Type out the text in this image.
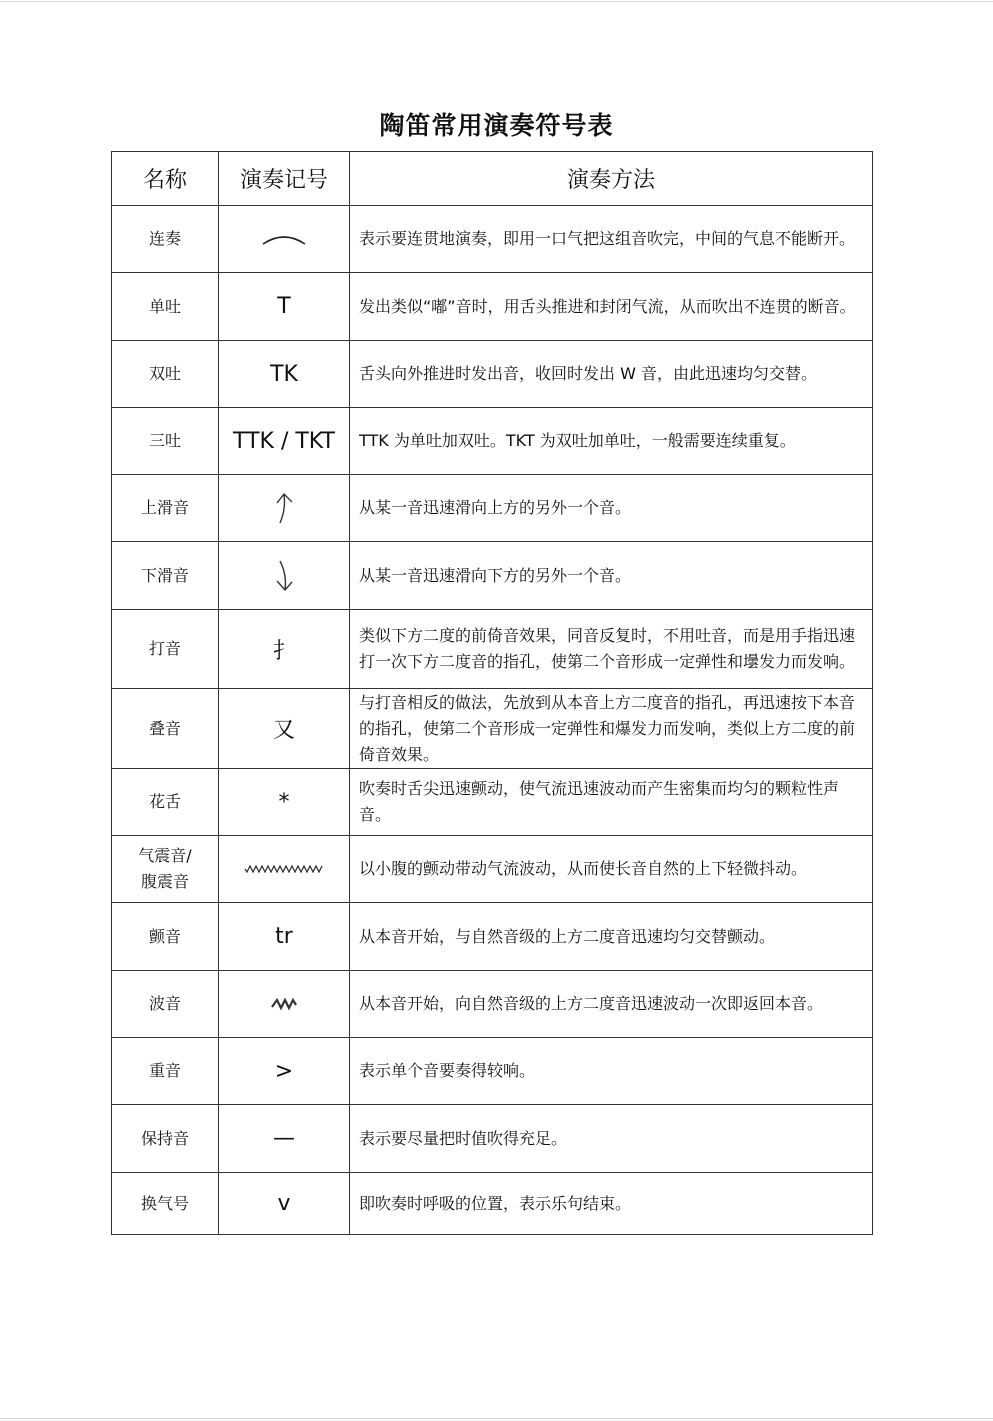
陶笛常用演奏符号表
名称	演奏记号	演奏方法
连奏		表示要连贯地演奏，即用一口气把这组音吹完，中间的气息不能断开。
单吐	T	发出类似“嘟”音时，用舌头推进和封闭气流，从而吹出不连贯的断音。
双吐	TK	舌头向外推进时发出音，收回时发出 W 音，由此迅速均匀交替。
三吐	TTK / TKT	TTK 为单吐加双吐。TKT 为双吐加单吐，一般需要连续重复。
上滑音		从某一音迅速滑向上方的另外一个音。
下滑音		从某一音迅速滑向下方的另外一个音。
打音	扌	类似下方二度的前倚音效果，同音反复时，不用吐音，而是用手指迅速打一次下方二度音的指孔，使第二个音形成一定弹性和壜发力而发响。
叠音	又	与打音相反的做法，先放到从本音上方二度音的指孔，再迅速按下本音的指孔，使第二个音形成一定弹性和爆发力而发响，类似上方二度的前倚音效果。
花舌	*	吹奏时舌尖迅速颤动，使气流迅速波动而产生密集而均匀的颗粒性声音。
气震音/
腹震音		以小腹的颤动带动气流波动，从而使长音自然的上下轻微抖动。
颤音	tr	从本音开始，与自然音级的上方二度音迅速均匀交替颤动。
波音		从本音开始，向自然音级的上方二度音迅速波动一次即返回本音。
重音	>	表示单个音要奏得较响。
保持音	—	表示要尽量把时值吹得充足。
换气号	v	即吹奏时呼吸的位置，表示乐句结束。
